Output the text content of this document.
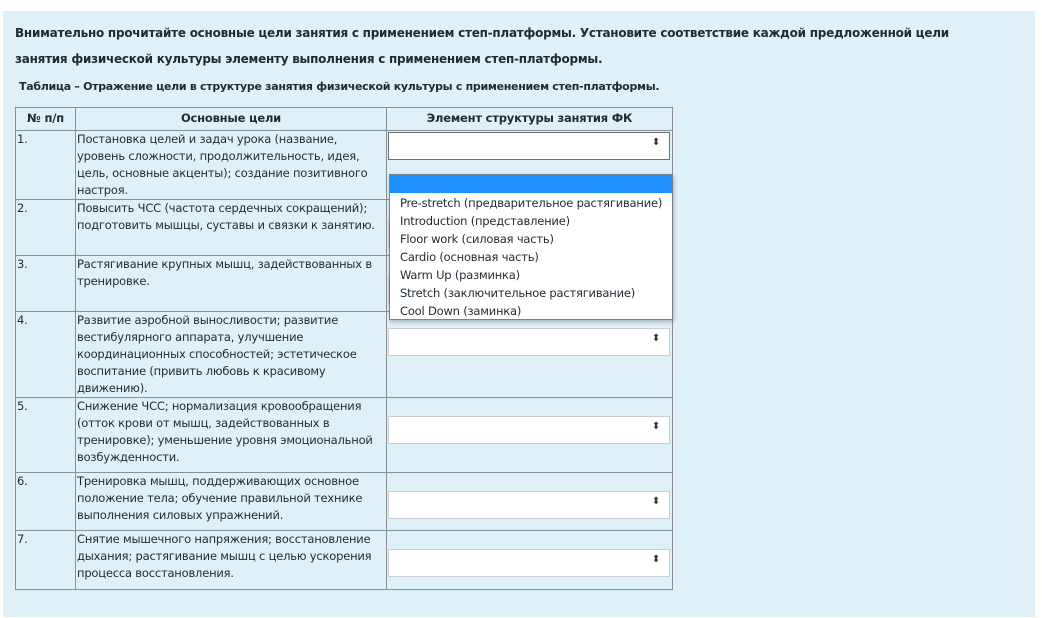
Внимательно прочитайте основные цели занятия с применением степ-платформы. Установите соответствие каждой предложенной цели занятия физической культуры элементу выполнения с применением степ-платформы.
Таблица – Отражение цели в структуре занятия физической культуры с применением степ-платформы.
№ п/п	Основные цели	Элемент структуры занятия ФК
1.	Постановка целей и задач урока (название, уровень сложности, продолжительность, идея, цель, основные акценты); создание позитивного настроя.	⬍

2.	Повысить ЧСС (частота сердечных сокращений); подготовить мышцы, суставы и связки к занятию.	

3.	Растягивание крупных мышц, задействованных в тренировке.	

4.	Развитие аэробной выносливости; развитие вестибулярного аппарата, улучшение координационных способностей; эстетическое воспитание (привить любовь к красивому движению).	⬍

5.	Снижение ЧСС; нормализация кровообращения (отток крови от мышц, задействованных в тренировке); уменьшение уровня эмоциональной возбужденности.	⬍

6.	Тренировка мышц, поддерживающих основное положение тела; обучение правильной технике выполнения силовых упражнений.	⬍

7.	Снятие мышечного напряжения; восстановление дыхания; растягивание мышц с целью ускорения процесса восстановления.	⬍
Pre-stretch (предварительное растягивание)
Introduction (представление)
Floor work (силовая часть)
Cardio (основная часть)
Warm Up (разминка)
Stretch (заключительное растягивание)
Cool Down (заминка)
